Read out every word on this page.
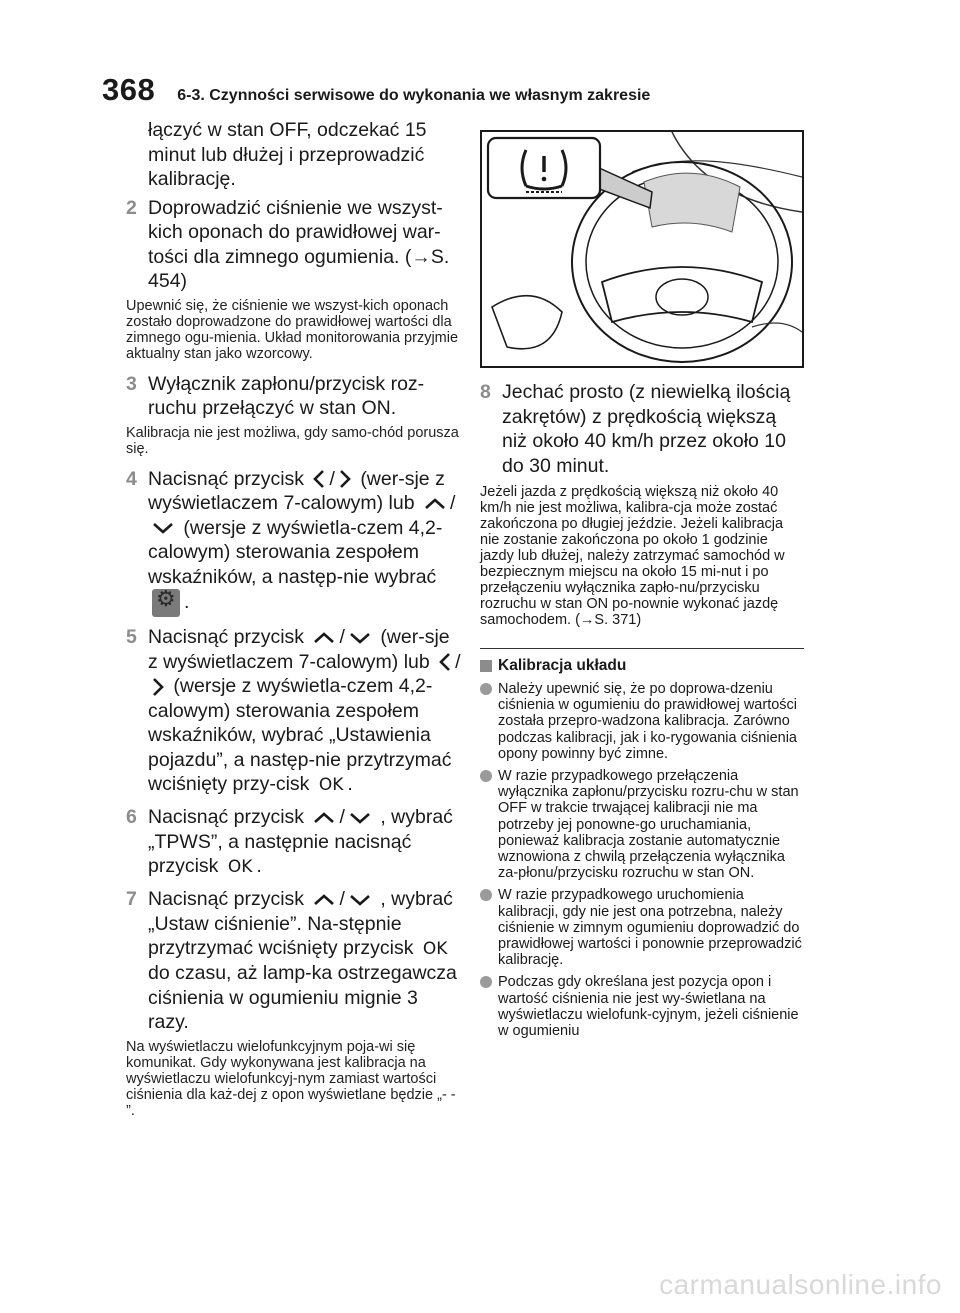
368 6-3. Czynności serwisowe do wykonania we własnym zakresie
łączyć w stan OFF, odczekać 15 minut lub dłużej i przeprowadzić kalibrację.
2 Doprowadzić ciśnienie we wszyst-kich oponach do prawidłowej war-tości dla zimnego ogumienia. (→S. 454)
Upewnić się, że ciśnienie we wszyst-kich oponach zostało doprowadzone do prawidłowej wartości dla zimnego ogu-mienia. Układ monitorowania przyjmie aktualny stan jako wzorcowy.
3 Wyłącznik zapłonu/przycisk roz-ruchu przełączyć w stan ON.
Kalibracja nie jest możliwa, gdy samo-chód porusza się.
4 Nacisnąć przycisk / (wer-sje z wyświetlaczem 7-calowym) lub / (wersje z wyświetla-czem 4,2-calowym) sterowania zespołem wskaźników, a następ-nie wybrać ⚙.
5 Nacisnąć przycisk / (wer-sje z wyświetlaczem 7-calowym) lub / (wersje z wyświetla-czem 4,2-calowym) sterowania zespołem wskaźników, wybrać „Ustawienia pojazdu”, a następ-nie przytrzymać wciśnięty przy-cisk OK .
6 Nacisnąć przycisk / , wybrać „TPWS”, a następnie nacisnąć przycisk OK .
7 Nacisnąć przycisk / , wybrać „Ustaw ciśnienie”. Na-stępnie przytrzymać wciśnięty przycisk OK do czasu, aż lamp-ka ostrzegawcza ciśnienia w ogumieniu mignie 3 razy.
Na wyświetlaczu wielofunkcyjnym poja-wi się komunikat. Gdy wykonywana jest kalibracja na wyświetlaczu wielofunkcyj-nym zamiast wartości ciśnienia dla każ-dej z opon wyświetlane będzie „- - ”.
8 Jechać prosto (z niewielką ilością zakrętów) z prędkością większą niż około 40 km/h przez około 10 do 30 minut.
Jeżeli jazda z prędkością większą niż około 40 km/h nie jest możliwa, kalibra-cja może zostać zakończona po długiej jeździe. Jeżeli kalibracja nie zostanie zakończona po około 1 godzinie jazdy lub dłużej, należy zatrzymać samochód w bezpiecznym miejscu na około 15 mi-nut i po przełączeniu wyłącznika zapło-nu/przycisku rozruchu w stan ON po-nownie wykonać jazdę samochodem. (→S. 371)
Kalibracja układu
Należy upewnić się, że po doprowa-dzeniu ciśnienia w ogumieniu do prawidłowej wartości została przepro-wadzona kalibracja. Zarówno podczas kalibracji, jak i ko-rygowania ciśnienia opony powinny być zimne.
W razie przypadkowego przełączenia wyłącznika zapłonu/przycisku rozru-chu w stan OFF w trakcie trwającej kalibracji nie ma potrzeby jej ponowne-go uruchamiania, ponieważ kalibracja zostanie automatycznie wznowiona z chwilą przełączenia wyłącznika za-płonu/przycisku rozruchu w stan ON.
W razie przypadkowego uruchomienia kalibracji, gdy nie jest ona potrzebna, należy ciśnienie w zimnym ogumieniu doprowadzić do prawidłowej wartości i ponownie przeprowadzić kalibrację.
Podczas gdy określana jest pozycja opon i wartość ciśnienia nie jest wy-świetlana na wyświetlaczu wielofunk-cyjnym, jeżeli ciśnienie w ogumieniu
carmanualsonline.info
